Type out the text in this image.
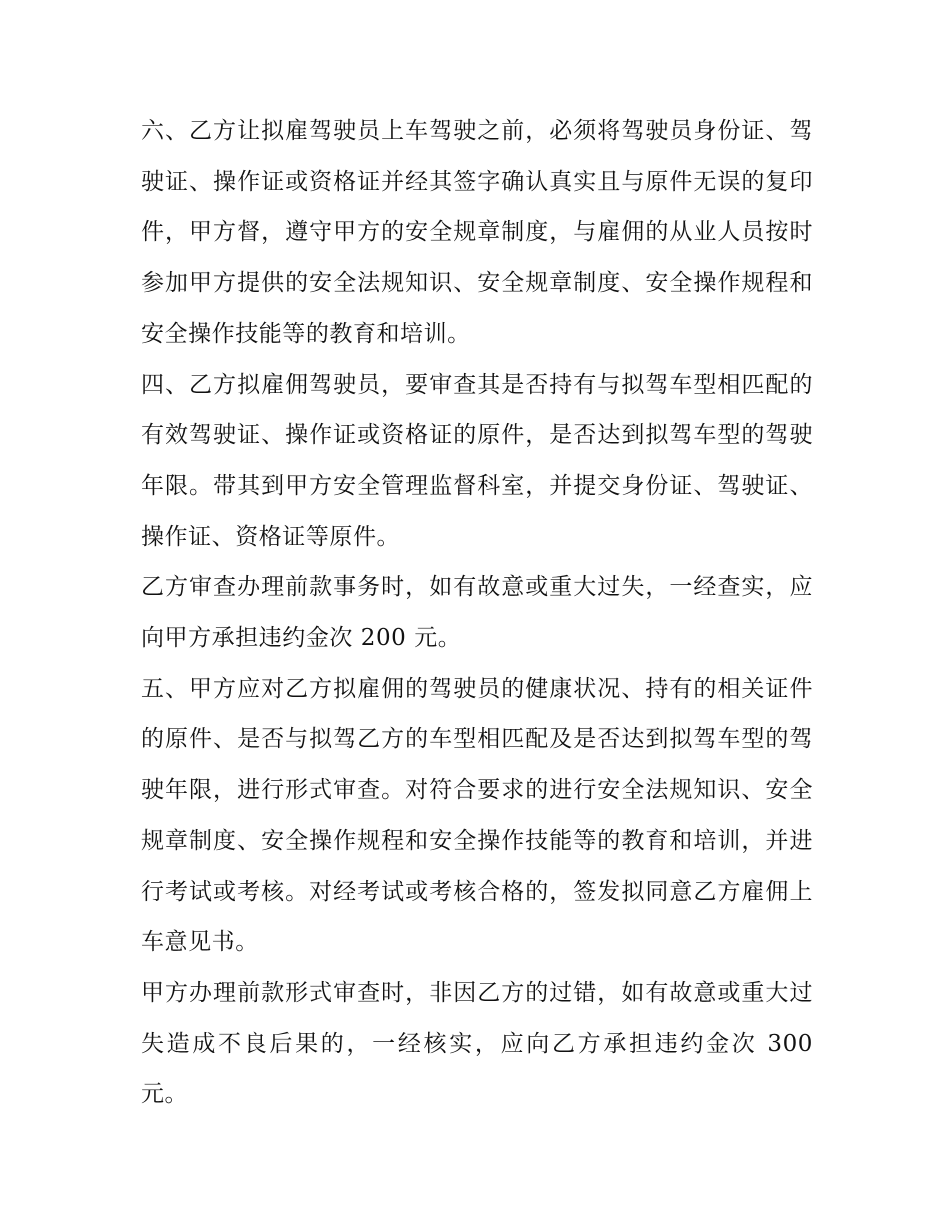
六、乙方让拟雇驾驶员上车驾驶之前，必须将驾驶员身份证、驾驶证、操作证或资格证并经其签字确认真实且与原件无误的复印件，甲方督，遵守甲方的安全规章制度，与雇佣的从业人员按时参加甲方提供的安全法规知识、安全规章制度、安全操作规程和安全操作技能等的教育和培训。

四、乙方拟雇佣驾驶员，要审查其是否持有与拟驾车型相匹配的有效驾驶证、操作证或资格证的原件，是否达到拟驾车型的驾驶年限。带其到甲方安全管理监督科室，并提交身份证、驾驶证、操作证、资格证等原件。

乙方审查办理前款事务时，如有故意或重大过失，一经查实，应向甲方承担违约金次 200 元。

五、甲方应对乙方拟雇佣的驾驶员的健康状况、持有的相关证件的原件、是否与拟驾乙方的车型相匹配及是否达到拟驾车型的驾驶年限，进行形式审查。对符合要求的进行安全法规知识、安全规章制度、安全操作规程和安全操作技能等的教育和培训，并进行考试或考核。对经考试或考核合格的，签发拟同意乙方雇佣上车意见书。

甲方办理前款形式审查时，非因乙方的过错，如有故意或重大过失造成不良后果的，一经核实，应向乙方承担违约金次 300 元。
